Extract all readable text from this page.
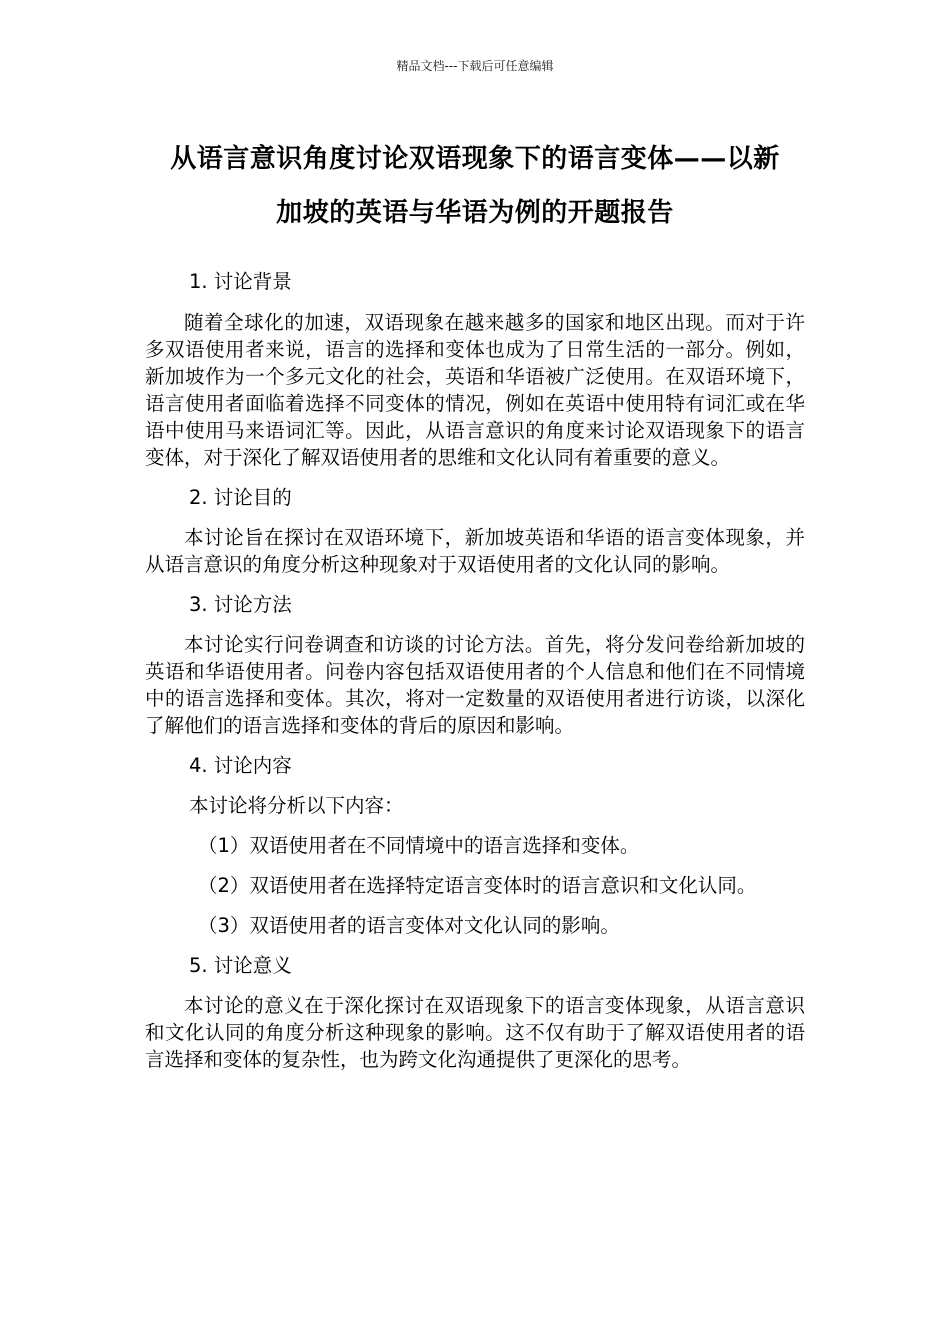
精品文档---下载后可任意编辑
从语言意识角度讨论双语现象下的语言变体——以新
加坡的英语与华语为例的开题报告

1. 讨论背景

随着全球化的加速，双语现象在越来越多的国家和地区出现。而对于许多双语使用者来说，语言的选择和变体也成为了日常生活的一部分。例如，新加坡作为一个多元文化的社会，英语和华语被广泛使用。在双语环境下，语言使用者面临着选择不同变体的情况，例如在英语中使用特有词汇或在华语中使用马来语词汇等。因此，从语言意识的角度来讨论双语现象下的语言变体，对于深化了解双语使用者的思维和文化认同有着重要的意义。

2. 讨论目的

本讨论旨在探讨在双语环境下，新加坡英语和华语的语言变体现象，并从语言意识的角度分析这种现象对于双语使用者的文化认同的影响。

3. 讨论方法

本讨论实行问卷调查和访谈的讨论方法。首先，将分发问卷给新加坡的英语和华语使用者。问卷内容包括双语使用者的个人信息和他们在不同情境中的语言选择和变体。其次，将对一定数量的双语使用者进行访谈，以深化了解他们的语言选择和变体的背后的原因和影响。

4. 讨论内容

本讨论将分析以下内容：

（1）双语使用者在不同情境中的语言选择和变体。

（2）双语使用者在选择特定语言变体时的语言意识和文化认同。

（3）双语使用者的语言变体对文化认同的影响。

5. 讨论意义

本讨论的意义在于深化探讨在双语现象下的语言变体现象，从语言意识和文化认同的角度分析这种现象的影响。这不仅有助于了解双语使用者的语言选择和变体的复杂性，也为跨文化沟通提供了更深化的思考。
